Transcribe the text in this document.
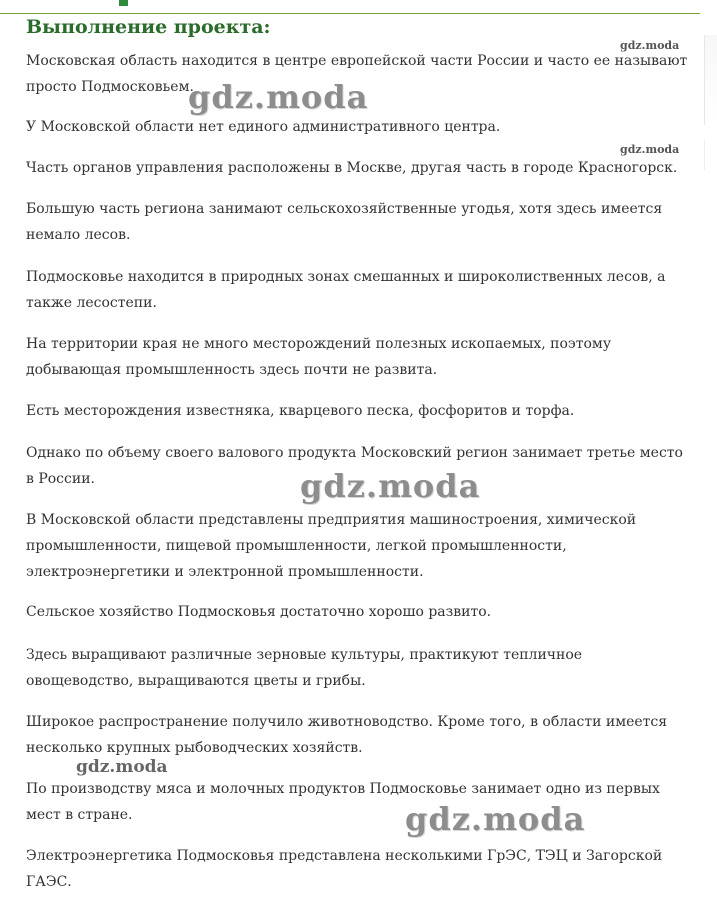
Выполнение проекта:

Московская область находится в центре европейской части России и часто ее называют просто Подмосковьем.

У Московской области нет единого административного центра.

Часть органов управления расположены в Москве, другая часть в городе Красногорск.

Большую часть региона занимают сельскохозяйственные угодья, хотя здесь имеется немало лесов.

Подмосковье находится в природных зонах смешанных и широколиственных лесов, а также лесостепи.

На территории края не много месторождений полезных ископаемых, поэтому добывающая промышленность здесь почти не развита.

Есть месторождения известняка, кварцевого песка, фосфоритов и торфа.

Однако по объему своего валового продукта Московский регион занимает третье место в России.

В Московской области представлены предприятия машиностроения, химической промышленности, пищевой промышленности, легкой промышленности, электроэнергетики и электронной промышленности.

Сельское хозяйство Подмосковья достаточно хорошо развито.

Здесь выращивают различные зерновые культуры, практикуют тепличное овощеводство, выращиваются цветы и грибы.

Широкое распространение получило животноводство. Кроме того, в области имеется несколько крупных рыбоводческих хозяйств.

По производству мяса и молочных продуктов Подмосковье занимает одно из первых мест в стране.

Электроэнергетика Подмосковья представлена несколькими ГрЭС, ТЭЦ и Загорской ГАЭС.

gdz.moda
gdz.moda
gdz.moda
gdz.moda
gdz.moda
gdz.moda
